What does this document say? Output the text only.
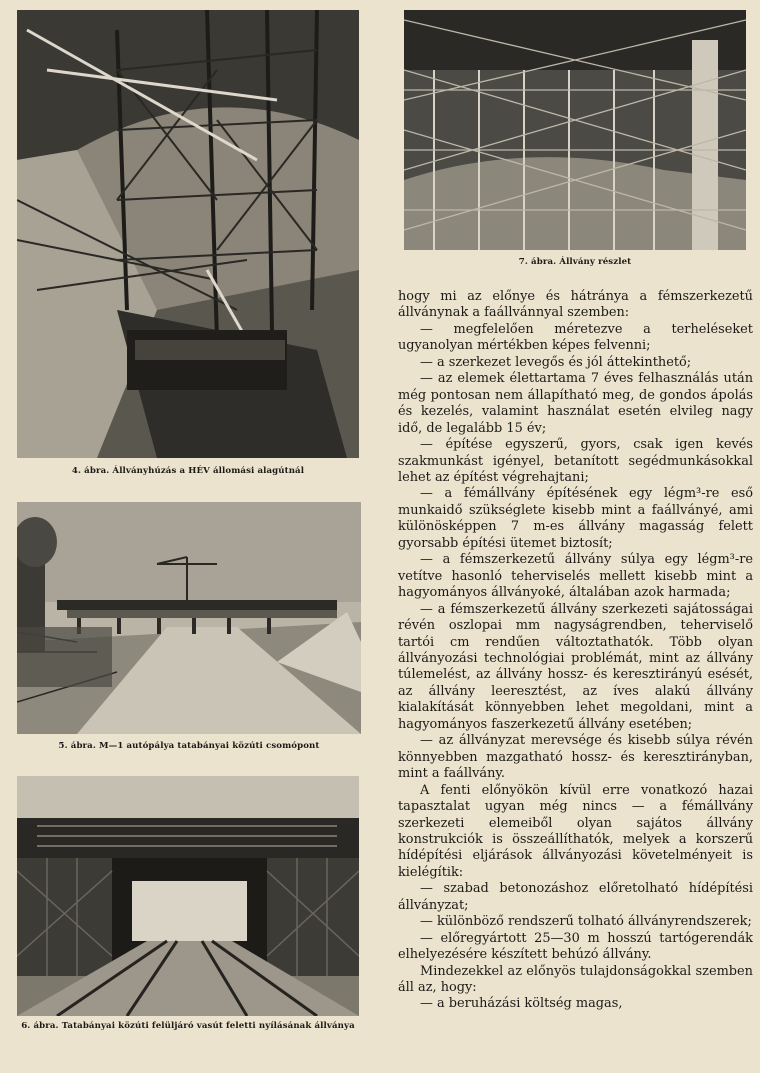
4. ábra. Állványhúzás a HÉV állomási alagútnál
5. ábra. M—1 autópálya tatabányai közúti csomópont
6. ábra. Tatabányai közúti felüljáró vasút feletti nyílásának állványa
7. ábra. Állvány részlet

hogy mi az előnye és hátránya a fémszerkezetű állványnak a faállvánnyal szemben:

— megfelelően méretezve a terheléseket ugyanolyan mértékben képes felvenni;

— a szerkezet levegős és jól áttekinthető;

— az elemek élettartama 7 éves felhasználás után még pontosan nem állapítható meg, de gondos ápolás és kezelés, valamint használat esetén elvileg nagy idő, de legalább 15 év;

— építése egyszerű, gyors, csak igen kevés szakmunkást igényel, betanított segédmunkásokkal lehet az építést végrehajtani;

— a fémállvány építésének egy légm³-re eső munkaidő szükséglete kisebb mint a faállványé, ami különösképpen 7 m-es állvány magasság felett gyorsabb építési ütemet biztosít;

— a fémszerkezetű állvány súlya egy légm³-re vetítve hasonló teherviselés mellett kisebb mint a hagyományos állványoké, általában azok harmada;

— a fémszerkezetű állvány szerkezeti sajátosságai révén oszlopai mm nagyságrendben, teherviselő tartói cm rendűen változtathatók. Több olyan állványozási technológiai problémát, mint az állvány túlemelést, az állvány hossz- és keresztirányú esését, az állvány leeresztést, az íves alakú állvány kialakítását könnyebben lehet megoldani, mint a hagyományos faszerkezetű állvány esetében;

— az állványzat merevsége és kisebb súlya révén könnyebben mazgatható hossz- és keresztirányban, mint a faállvány.

A fenti előnyökön kívül erre vonatkozó hazai tapasztalat ugyan még nincs — a fémállvány szerkezeti elemeiből olyan sajátos állvány konstrukciók is összeállíthatók, melyek a korszerű hídépítési eljárások állványozási követelményeit is kielégítik:

— szabad betonozáshoz előretolható hídépítési állványzat;

— különböző rendszerű tolható állványrendszerek;

— előregyártott 25—30 m hosszú tartógerendák elhelyezésére készített behúzó állvány.

Mindezekkel az előnyös tulajdonságokkal szemben áll az, hogy:

— a beruházási költség magas,
